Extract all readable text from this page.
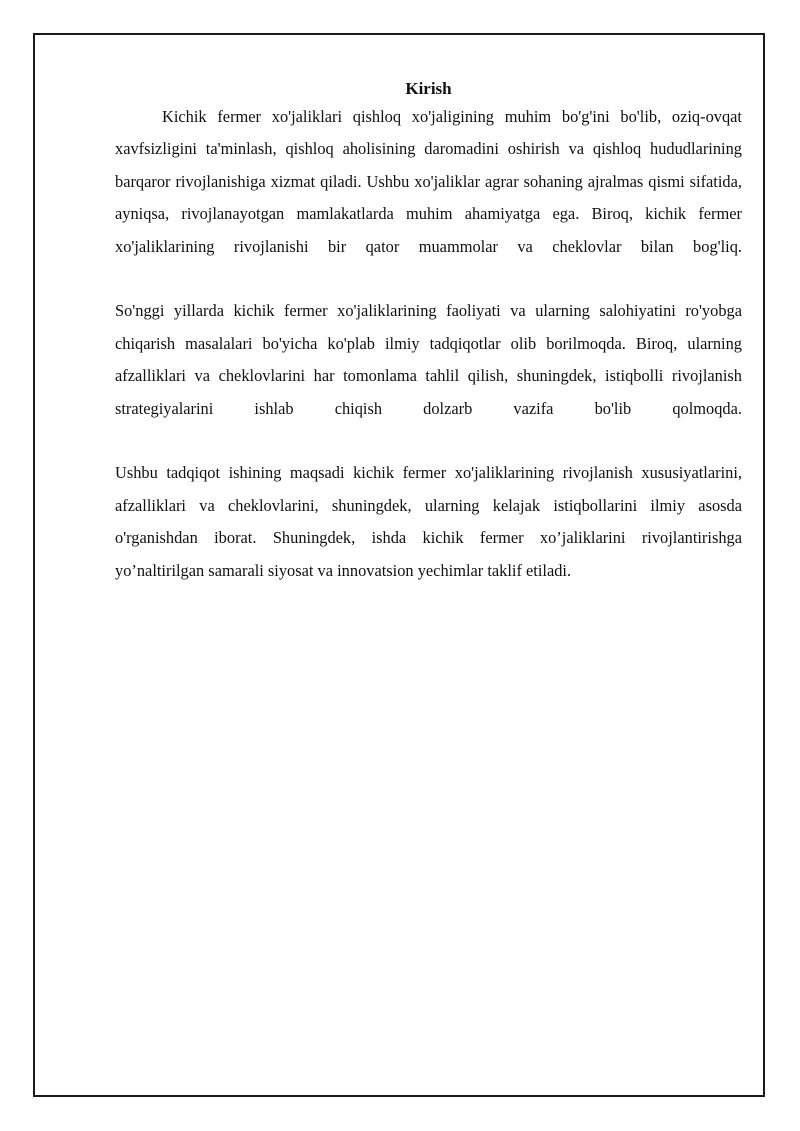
Kirish

Kichik fermer xo'jaliklari qishloq xo'jaligining muhim bo'g'ini bo'lib, oziq-ovqat xavfsizligini ta'minlash, qishloq aholisining daromadini oshirish va qishloq hududlarining barqaror rivojlanishiga xizmat qiladi. Ushbu xo'jaliklar agrar sohaning ajralmas qismi sifatida, ayniqsa, rivojlanayotgan mamlakatlarda muhim ahamiyatga ega. Biroq, kichik fermer xo'jaliklarining rivojlanishi bir qator muammolar va cheklovlar bilan bog'liq.

So'nggi yillarda kichik fermer xo'jaliklarining faoliyati va ularning salohiyatini ro'yobga chiqarish masalalari bo'yicha ko'plab ilmiy tadqiqotlar olib borilmoqda. Biroq, ularning afzalliklari va cheklovlarini har tomonlama tahlil qilish, shuningdek, istiqbolli rivojlanish strategiyalarini ishlab chiqish dolzarb vazifa bo'lib qolmoqda.

Ushbu tadqiqot ishining maqsadi kichik fermer xo'jaliklarining rivojlanish xususiyatlarini, afzalliklari va cheklovlarini, shuningdek, ularning kelajak istiqbollarini ilmiy asosda o'rganishdan iborat. Shuningdek, ishda kichik fermer xo’jaliklarini rivojlantirishga yo’naltirilgan samarali siyosat va innovatsion yechimlar taklif etiladi.
